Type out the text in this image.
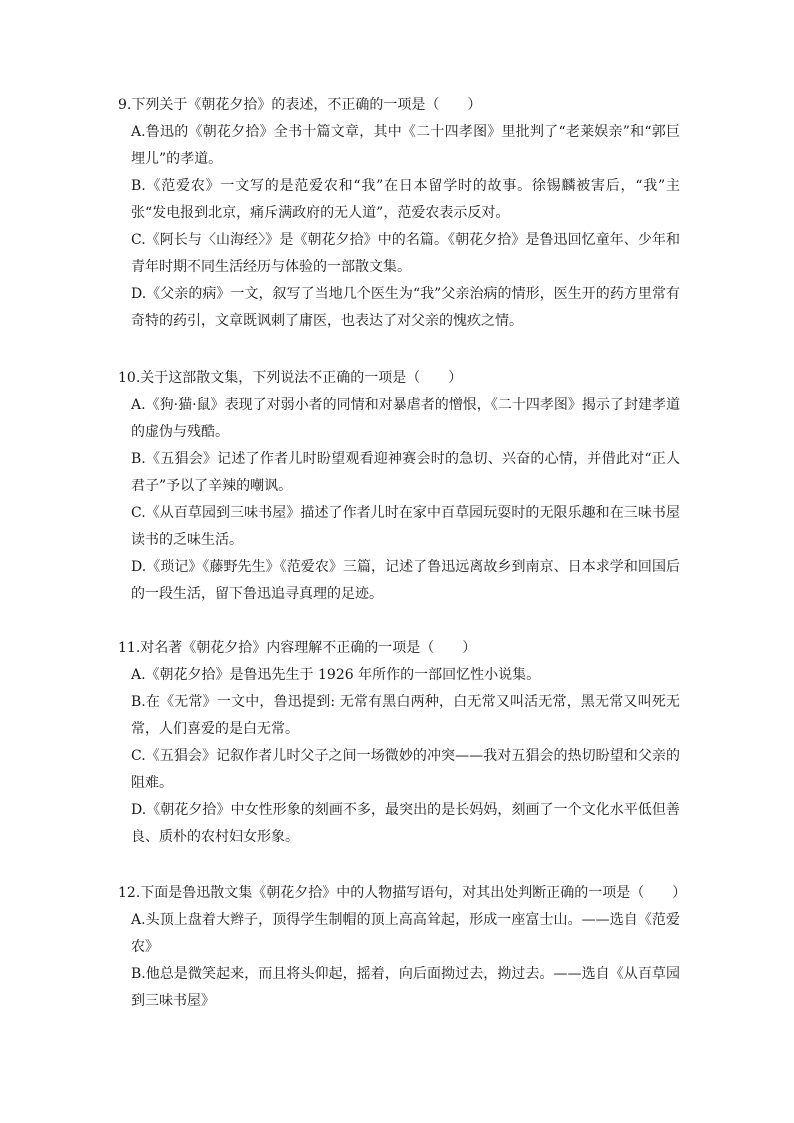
9.下列关于《朝花夕拾》的表述，不正确的一项是（　　）
A.鲁迅的《朝花夕拾》全书十篇文章，其中《二十四孝图》里批判了“老莱娱亲”和“郭巨埋儿”的孝道。
B.《范爱农》一文写的是范爱农和“我”在日本留学时的故事。徐锡麟被害后，“我”主张“发电报到北京，痛斥满政府的无人道”，范爱农表示反对。
C.《阿长与〈山海经〉》是《朝花夕拾》中的名篇。《朝花夕拾》是鲁迅回忆童年、少年和青年时期不同生活经历与体验的一部散文集。
D.《父亲的病》一文，叙写了当地几个医生为“我”父亲治病的情形，医生开的药方里常有奇特的药引，文章既讽刺了庸医，也表达了对父亲的愧疚之情。
10.关于这部散文集，下列说法不正确的一项是（　　）
A.《狗·猫·鼠》表现了对弱小者的同情和对暴虐者的憎恨，《二十四孝图》揭示了封建孝道的虚伪与残酷。
B.《五猖会》记述了作者儿时盼望观看迎神赛会时的急切、兴奋的心情，并借此对“正人君子”予以了辛辣的嘲讽。
C.《从百草园到三味书屋》描述了作者儿时在家中百草园玩耍时的无限乐趣和在三味书屋读书的乏味生活。
D.《琐记》《藤野先生》《范爱农》三篇，记述了鲁迅远离故乡到南京、日本求学和回国后的一段生活，留下鲁迅追寻真理的足迹。
11.对名著《朝花夕拾》内容理解不正确的一项是（　　）
A.《朝花夕拾》是鲁迅先生于 1926 年所作的一部回忆性小说集。
B.在《无常》一文中，鲁迅提到: 无常有黑白两种，白无常又叫活无常，黑无常又叫死无常，人们喜爱的是白无常。
C.《五猖会》记叙作者儿时父子之间一场微妙的冲突——我对五猖会的热切盼望和父亲的阻难。
D.《朝花夕拾》中女性形象的刻画不多，最突出的是长妈妈，刻画了一个文化水平低但善良、质朴的农村妇女形象。
12.下面是鲁迅散文集《朝花夕拾》中的人物描写语句，对其出处判断正确的一项是（　　）
A.头顶上盘着大辫子，顶得学生制帽的顶上高高耸起，形成一座富士山。——选自《范爱农》
B.他总是微笑起来，而且将头仰起，摇着，向后面拗过去，拗过去。——选自《从百草园到三味书屋》
